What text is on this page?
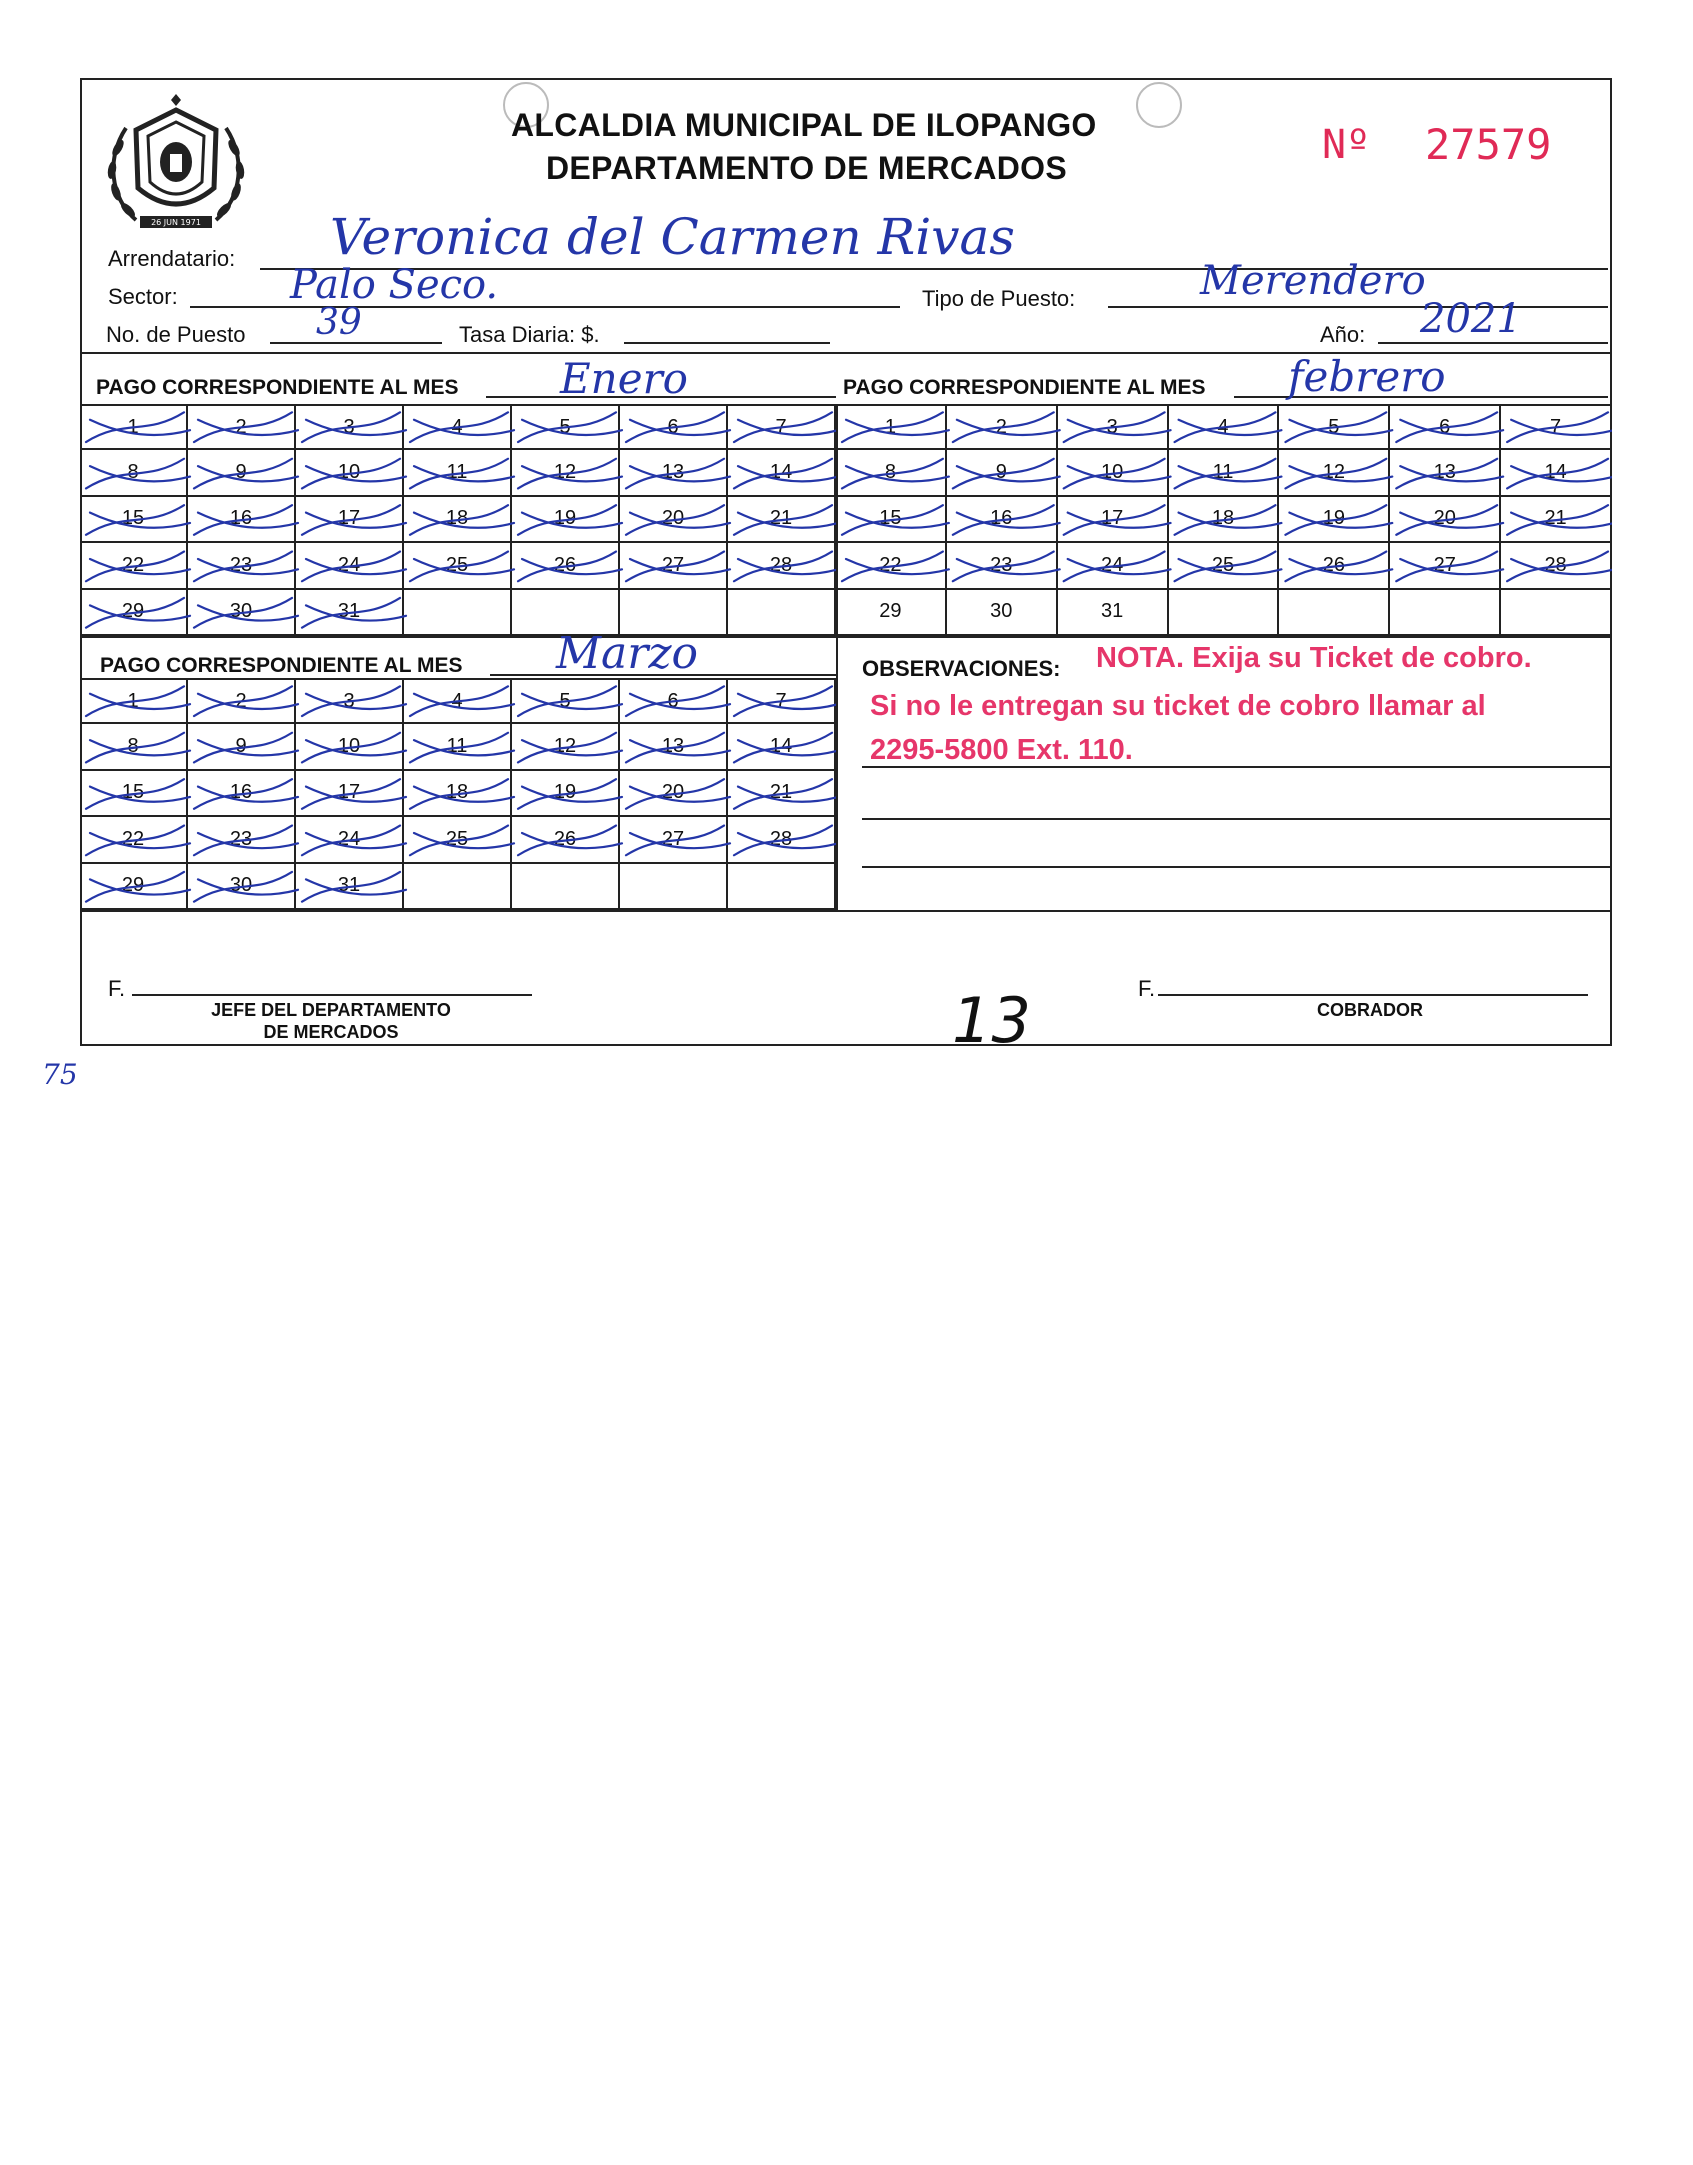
26 JUN 1971
ALCALDIA MUNICIPAL DE ILOPANGO
DEPARTAMENTO DE MERCADOS	Nº 27579
Arrendatario: Veronica del Carmen Rivas
Sector:	Palo Seco.	Tipo de Puesto:	Merendero
No. de Puesto 39	Tasa Diaria: $.	Año: 2021
PAGO CORRESPONDIENTE AL MES Enero	PAGO CORRESPONDIENTE AL MES febrero
PAGO CORRESPONDIENTE AL MES Marzo
1	2	3	4	5	6	7
8	9	10	11	12	13	14
15	16	17	18	19	20	21
22	23	24	25	26	27	28
29	30	31
1	2	3	4	5	6	7
8	9	10	11	12	13	14
15	16	17	18	19	20	21
22	23	24	25	26	27	28
29	30	31
1	2	3	4	5	6	7
8	9	10	11	12	13	14
15	16	17	18	19	20	21
22	23	24	25	26	27	28
29	30	31
OBSERVACIONES: NOTA. Exija su Ticket de cobro.
Si no le entregan su ticket de cobro llamar al
2295-5800 Ext. 110.
F.
JEFE DEL DEPARTAMENTO
DE MERCADOS
F.
COBRADOR
13
75
